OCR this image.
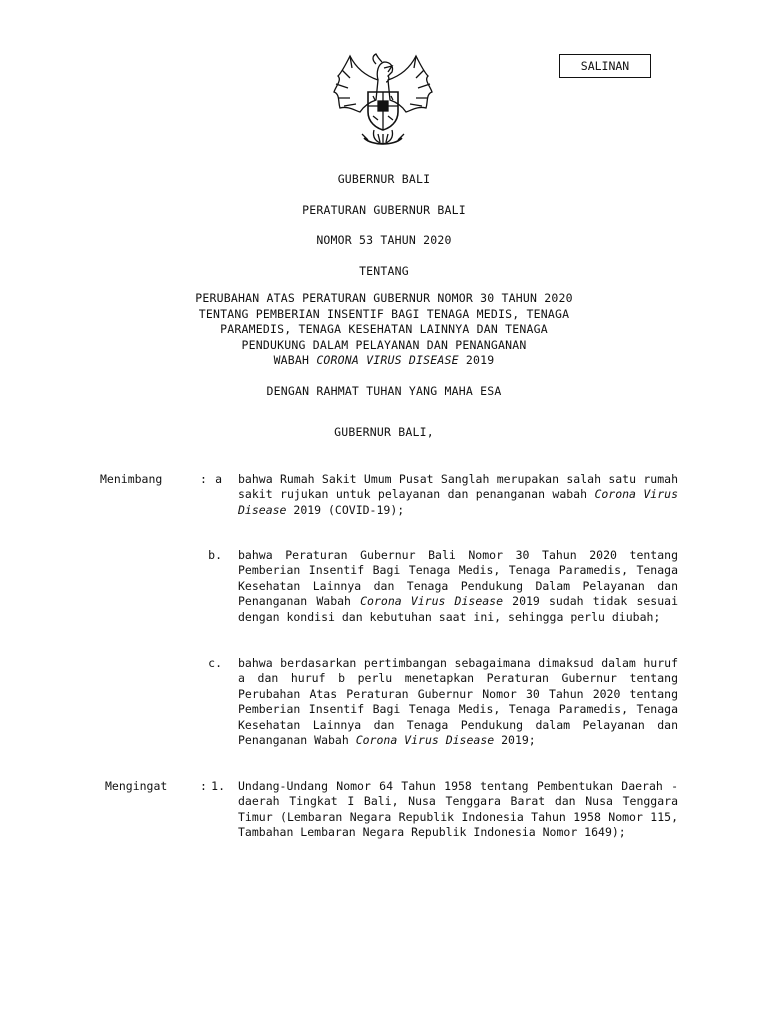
SALINAN
GUBERNUR BALI
PERATURAN GUBERNUR BALI
NOMOR 53 TAHUN 2020
TENTANG
PERUBAHAN ATAS PERATURAN GUBERNUR NOMOR 30 TAHUN 2020
TENTANG PEMBERIAN INSENTIF BAGI TENAGA MEDIS, TENAGA
PARAMEDIS, TENAGA KESEHATAN LAINNYA DAN TENAGA
PENDUKUNG DALAM PELAYANAN DAN PENANGANAN
WABAH CORONA VIRUS DISEASE 2019
DENGAN RAHMAT TUHAN YANG MAHA ESA
GUBERNUR BALI,
Menimbang	: a bahwa Rumah Sakit Umum Pusat Sanglah merupakan salah satu rumah sakit rujukan untuk pelayanan dan penanganan wabah Corona Virus Disease 2019 (COVID-19);
b. bahwa Peraturan Gubernur Bali Nomor 30 Tahun 2020 tentang Pemberian Insentif Bagi Tenaga Medis, Tenaga Paramedis, Tenaga Kesehatan Lainnya dan Tenaga Pendukung Dalam Pelayanan dan Penanganan Wabah Corona Virus Disease 2019 sudah tidak sesuai dengan kondisi dan kebutuhan saat ini, sehingga perlu diubah;
c. bahwa berdasarkan pertimbangan sebagaimana dimaksud dalam huruf a dan huruf b perlu menetapkan Peraturan Gubernur tentang Perubahan Atas Peraturan Gubernur Nomor 30 Tahun 2020 tentang Pemberian Insentif Bagi Tenaga Medis, Tenaga Paramedis, Tenaga Kesehatan Lainnya dan Tenaga Pendukung dalam Pelayanan dan Penanganan Wabah Corona Virus Disease 2019;
Mengingat	: 1. Undang-Undang Nomor 64 Tahun 1958 tentang Pembentukan Daerah - daerah Tingkat I Bali, Nusa Tenggara Barat dan Nusa Tenggara Timur (Lembaran Negara Republik Indonesia Tahun 1958 Nomor 115, Tambahan Lembaran Negara Republik Indonesia Nomor 1649);
